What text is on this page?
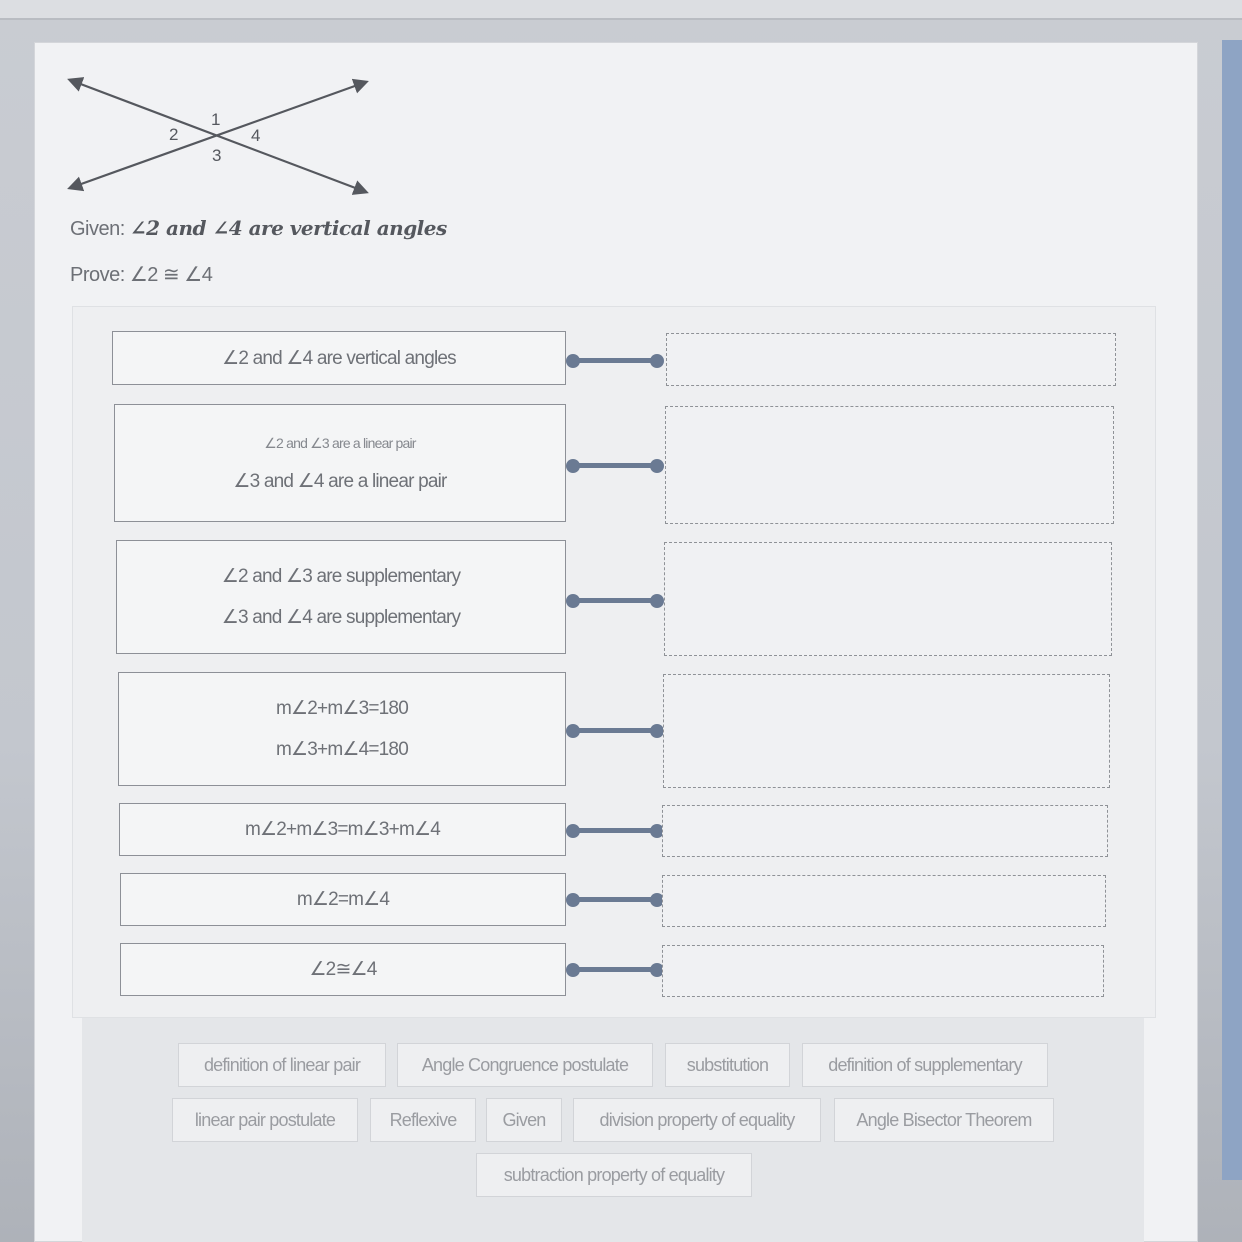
1
2
3
4
Given: ∠2 and ∠4 are vertical angles
Prove: ∠2 ≅ ∠4
∠2 and ∠4 are vertical angles
∠2 and ∠3 are a linear pair
∠3 and ∠4 are a linear pair
∠2 and ∠3 are supplementary
∠3 and ∠4 are supplementary
m∠2+m∠3=180
m∠3+m∠4=180
m∠2+m∠3=m∠3+m∠4
m∠2=m∠4
∠2≅∠4
definition of linear pair	Angle Congruence postulate	substitution	definition of supplementary
linear pair postulate	Reflexive	Given	division property of equality	Angle Bisector Theorem
subtraction property of equality
